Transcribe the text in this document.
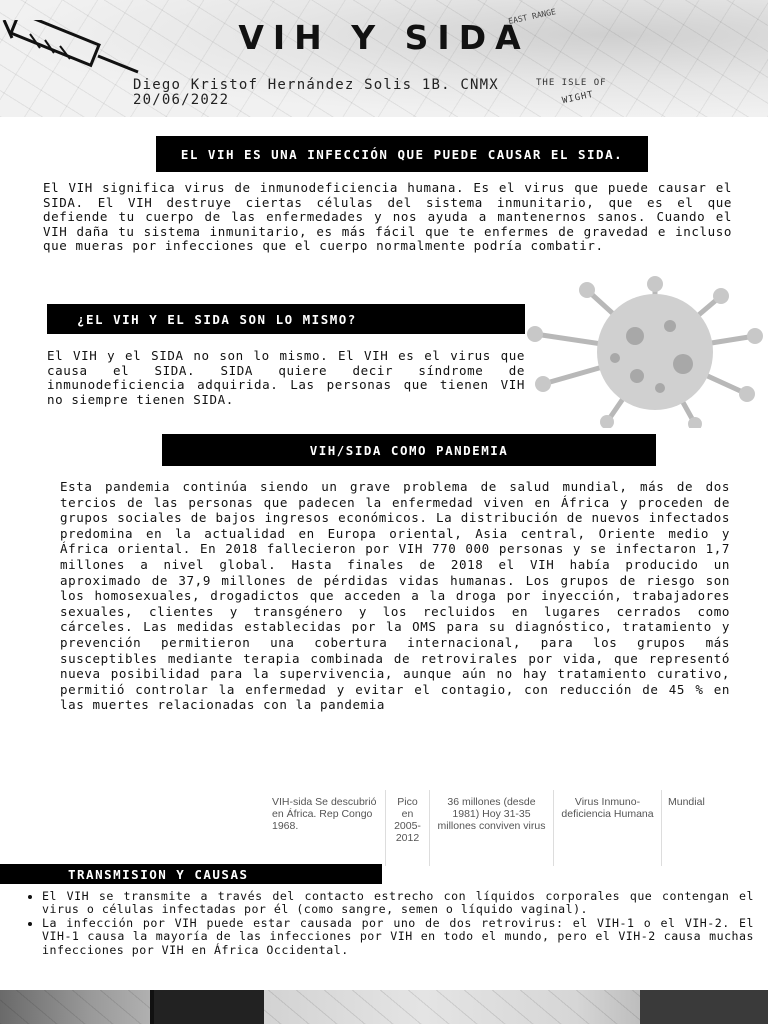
EAST RANGE
VIH Y SIDA
Diego Kristof Hernández Solis 1B. CNMX
20/06/2022
THE ISLE OF
WIGHT
EL VIH ES UNA INFECCIÓN QUE PUEDE CAUSAR EL SIDA.

El VIH significa virus de inmunodeficiencia humana. Es el virus que puede causar el SIDA. El VIH destruye ciertas células del sistema inmunitario, que es el que defiende tu cuerpo de las enfermedades y nos ayuda a mantenernos sanos. Cuando el VIH daña tu sistema inmunitario, es más fácil que te enfermes de gravedad e incluso que mueras por infecciones que el cuerpo normalmente podría combatir.

¿EL VIH Y EL SIDA SON LO MISMO?

El VIH y el SIDA no son lo mismo. El VIH es el virus que causa el SIDA. SIDA quiere decir síndrome de inmunodeficiencia adquirida. Las personas que tienen VIH no siempre tienen SIDA.

VIH/SIDA COMO PANDEMIA

Esta pandemia continúa siendo un grave problema de salud mundial, más de dos tercios de las personas que padecen la enfermedad viven en África y proceden de grupos sociales de bajos ingresos económicos. La distribución de nuevos infectados predomina en la actualidad en Europa oriental, Asia central, Oriente medio y África oriental. En 2018 fallecieron por VIH 770 000 personas y se infectaron 1,7 millones a nivel global. Hasta finales de 2018 el VIH había producido un aproximado de 37,9 millones de pérdidas vidas humanas. Los grupos de riesgo son los homosexuales, drogadictos que acceden a la droga por inyección, trabajadores sexuales, clientes y transgénero y los recluidos en lugares cerrados como cárceles. Las medidas establecidas por la OMS para su diagnóstico, tratamiento y prevención permitieron una cobertura internacional, para los grupos más susceptibles mediante terapia combinada de retrovirales por vida, que representó nueva posibilidad para la supervivencia, aunque aún no hay tratamiento curativo, permitió controlar la enfermedad y evitar el contagio, con reducción de 45 % en las muertes relacionadas con la pandemia

VIH-sida Se descubrió en África. Rep Congo 1968.
Pico en 2005-2012
36 millones (desde 1981) Hoy 31-35 millones conviven virus
Virus Inmuno-deficiencia Humana
Mundial
TRANSMISION Y CAUSAS
• El VIH se transmite a través del contacto estrecho con líquidos corporales que contengan el virus o células infectadas por él (como sangre, semen o líquido vaginal).
• La infección por VIH puede estar causada por uno de dos retrovirus: el VIH-1 o el VIH-2. El VIH-1 causa la mayoría de las infecciones por VIH en todo el mundo, pero el VIH-2 causa muchas infecciones por VIH en África Occidental.
